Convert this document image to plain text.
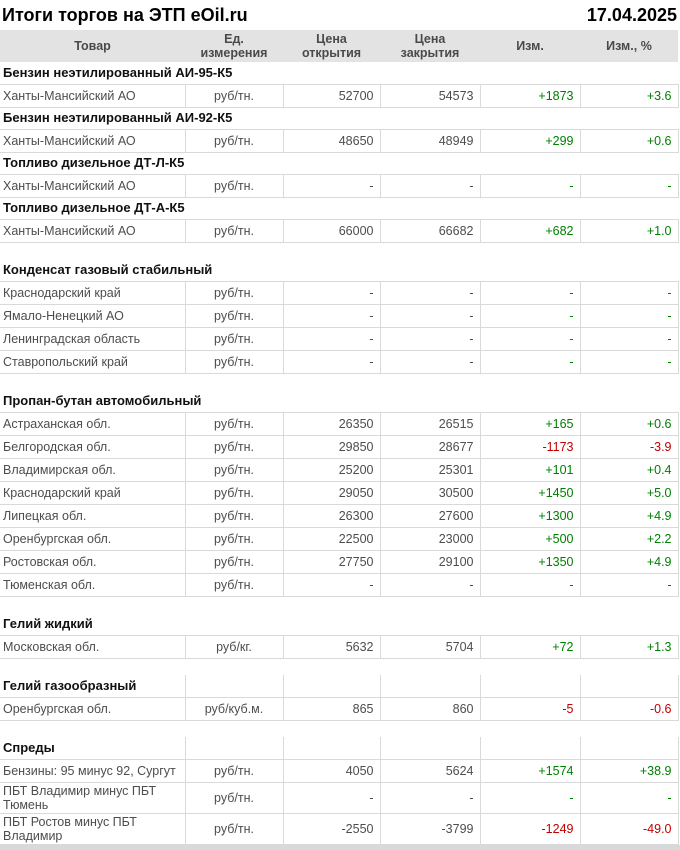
Итоги торгов на ЭТП eOil.ru	17.04.2025
Товар	Ед. измерения	Цена открытия	Цена закрытия	Изм.	Изм., %
Бензин неэтилированный АИ-95-К5					
Ханты-Мансийский АО	руб/тн.	52700	54573	+1873	+3.6
Бензин неэтилированный АИ-92-К5					
Ханты-Мансийский АО	руб/тн.	48650	48949	+299	+0.6
Топливо дизельное ДТ-Л-К5					
Ханты-Мансийский АО	руб/тн.	-	-	-	-
Топливо дизельное ДТ-А-К5					
Ханты-Мансийский АО	руб/тн.	66000	66682	+682	+1.0

Конденсат газовый стабильный					
Краснодарский край	руб/тн.	-	-	-	-
Ямало-Ненецкий АО	руб/тн.	-	-	-	-
Ленинградская область	руб/тн.	-	-	-	-
Ставропольский край	руб/тн.	-	-	-	-

Пропан-бутан автомобильный					
Астраханская обл.	руб/тн.	26350	26515	+165	+0.6
Белгородская обл.	руб/тн.	29850	28677	-1173	-3.9
Владимирская обл.	руб/тн.	25200	25301	+101	+0.4
Краснодарский край	руб/тн.	29050	30500	+1450	+5.0
Липецкая обл.	руб/тн.	26300	27600	+1300	+4.9
Оренбургская обл.	руб/тн.	22500	23000	+500	+2.2
Ростовская обл.	руб/тн.	27750	29100	+1350	+4.9
Тюменская обл.	руб/тн.	-	-	-	-

Гелий жидкий					
Московская обл.	руб/кг.	5632	5704	+72	+1.3

Гелий газообразный					
Оренбургская обл.	руб/куб.м.	865	860	-5	-0.6

Спреды					
Бензины: 95 минус 92, Сургут	руб/тн.	4050	5624	+1574	+38.9
ПБТ Владимир минус ПБТ Тюмень	руб/тн.	-	-	-	-
ПБТ Ростов минус ПБТ Владимир	руб/тн.	-2550	-3799	-1249	-49.0
